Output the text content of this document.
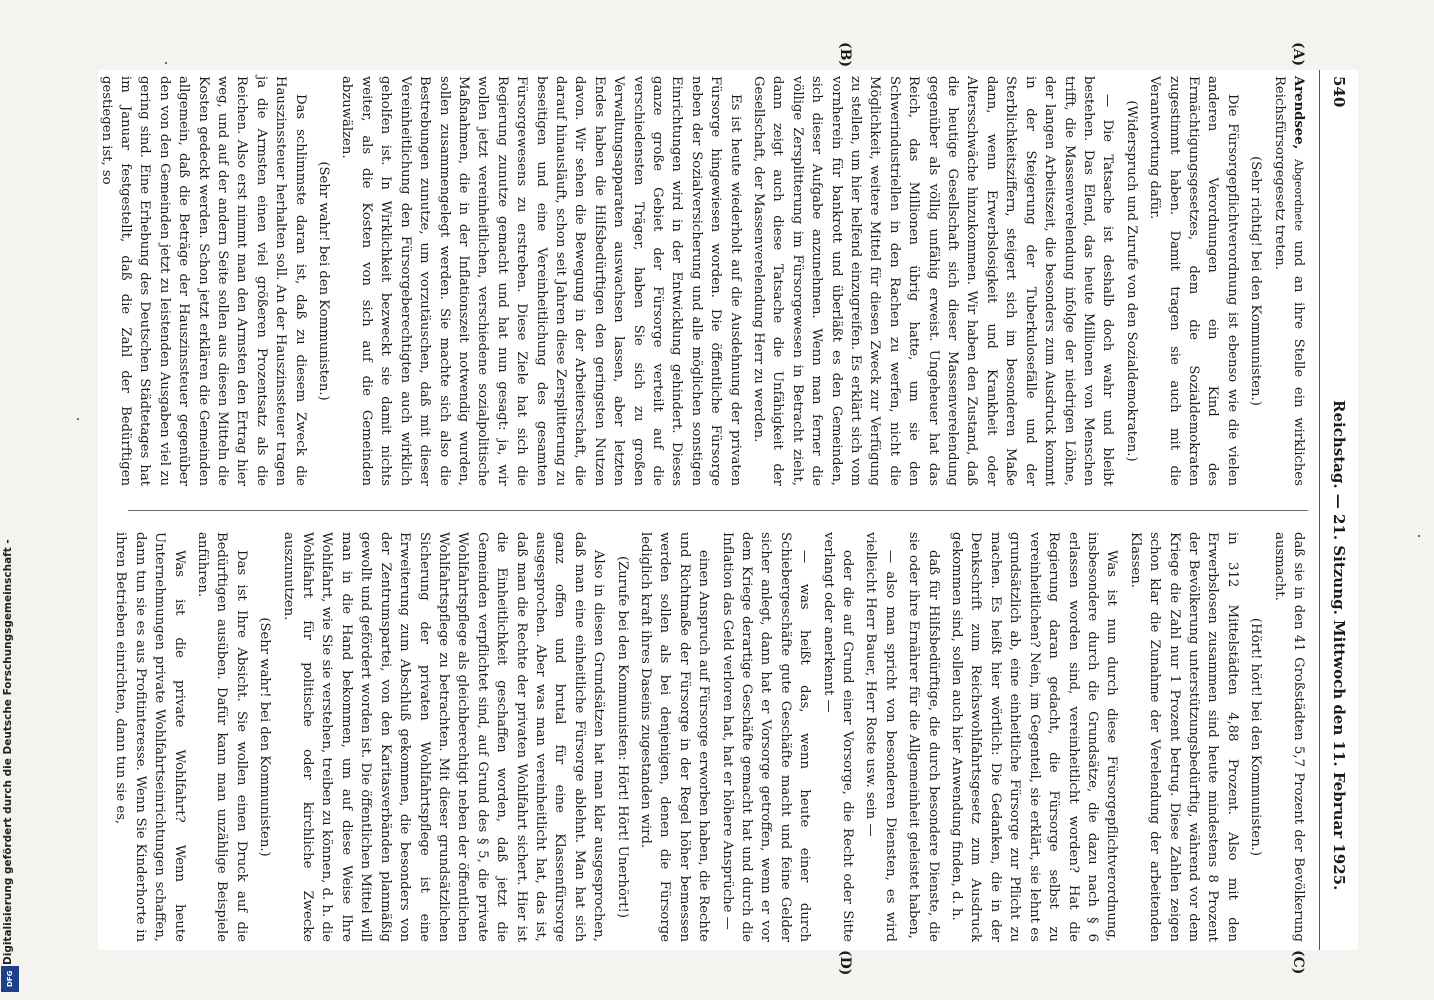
Digitalisierung gefördert durch die Deutsche Forschungsgemeinschaft -
DFG
540
Reichstag. — 21. Sitzung. Mittwoch den 11. Februar 1925.
(A)
(B)
(C)
(D)

Arendsee, Abgeordnete und an ihre Stelle ein wirkliches Reichsfürsorgegesetz treten.

(Sehr richtig! bei den Kommunisten.)

Die Fürsorgepflichtverordnung ist ebenso wie die vielen anderen Verordnungen ein Kind des Ermächtigungsgesetzes, dem die Sozialdemokraten zugestimmt haben. Damit tragen sie auch mit die Verantwortung dafür.

(Widerspruch und Zurufe von den Sozialdemokraten.)

— Die Tatsache ist deshalb doch wahr und bleibt bestehen. Das Elend, das heute Millionen von Menschen trifft, die Massenverelendung infolge der niedrigen Löhne, der langen Arbeitszeit, die besonders zum Ausdruck kommt in der Steigerung der Tuberkulosefälle und der Sterblichkeitsziffern, steigert sich im besonderen Maße dann, wenn Erwerbslosigkeit und Krankheit oder Altersschwäche hinzukommen. Wir haben den Zustand, daß die heutige Gesellschaft sich dieser Massenverelendung gegenüber als völlig unfähig erweist. Ungeheuer hat das Reich, das Millionen übrig hatte, um sie den Schwerindustriellen in den Rachen zu werfen, nicht die Möglichkeit, weitere Mittel für diesen Zweck zur Verfügung zu stellen, um hier helfend einzugreifen. Es erklärt sich vom vornherein für bankrott und überläßt es den Gemeinden, sich dieser Aufgabe anzunehmen. Wenn man ferner die völlige Zersplitterung im Fürsorgewesen in Betracht zieht, dann zeigt auch diese Tatsache die Unfähigkeit der Gesellschaft, der Massenverelendung Herr zu werden.

Es ist heute wiederholt auf die Ausdehnung der privaten Fürsorge hingewiesen worden. Die öffentliche Fürsorge neben der Sozialversicherung und alle möglichen sonstigen Einrichtungen wird in der Entwicklung gehindert. Dieses ganze große Gebiet der Fürsorge verteilt auf die verschiedensten Träger, haben Sie sich zu großen Verwaltungsapparaten auswachsen lassen, aber letzten Endes haben die Hilfsbedürftigen den geringsten Nutzen davon. Wir sehen die Bewegung in der Arbeiterschaft, die darauf hinausläuft, schon seit Jahren diese Zersplitterung zu beseitigen und eine Vereinheitlichung des gesamten Fürsorgewesens zu erstreben. Diese Ziele hat sich die Regierung zunutze gemacht und hat nun gesagt: ja, wir wollen jetzt vereinheitlichen, verschiedene sozialpolitische Maßnahmen, die in der Inflationszeit notwendig wurden, sollen zusammengelegt werden. Sie machte sich also die Bestrebungen zunutze, um vorzutäuschen, daß mit dieser Vereinheitlichung den Fürsorgeberechtigten auch wirklich geholfen ist. In Wirklichkeit bezweckt sie damit nichts weiter, als die Kosten von sich auf die Gemeinden abzuwälzen.

(Sehr wahr! bei den Kommunisten.)

Das schlimmste daran ist, daß zu diesem Zweck die Hauszinssteuer herhalten soll. An der Hauszinssteuer tragen ja die Armsten einen viel größeren Prozentsatz als die Reichen. Also erst nimmt man den Armsten den Ertrag hier weg, und auf der andern Seite sollen aus diesen Mitteln die Kosten gedeckt werden. Schon jetzt erklären die Gemeinden allgemein, daß die Beträge der Hauszinssteuer gegenüber den von den Gemeinden jetzt zu leistenden Ausgaben viel zu gering sind. Eine Erhebung des Deutschen Städtetages hat im Januar festgestellt, daß die Zahl der Bedürftigen gestiegen ist, so

daß sie in den 41 Großstädten 5,7 Prozent der Bevölkerung ausmacht.

(Hört! hört! bei den Kommunisten.)

in 312 Mittelstädten 4,88 Prozent. Also mit den Erwerbslosen zusammen sind heute mindestens 8 Prozent der Bevölkerung unterstützungsbedürftig, während vor dem Kriege die Zahl nur 1 Prozent betrug. Diese Zahlen zeigen schon klar die Zunahme der Verelendung der arbeitenden Klassen.

Was ist nun durch diese Fürsorgepflichtverordnung, insbesondere durch die Grundsätze, die dazu nach § 6 erlassen worden sind, vereinheitlicht worden? Hat die Regierung daran gedacht, die Fürsorge selbst zu vereinheitlichen? Nein, im Gegenteil, sie erklärt, sie lehnt es grundsätzlich ab, eine einheitliche Fürsorge zur Pflicht zu machen. Es heißt hier wörtlich: Die Gedanken, die in der Denkschrift zum Reichswohlfahrtsgesetz zum Ausdruck gekommen sind, sollen auch hier Anwendung finden, d. h.

daß für Hilfsbedürftige, die durch besondere Dienste, die sie oder ihre Ernährer für die Allgemeinheit geleistet haben,

— also man spricht von besonderen Diensten, es wird vielleicht Herr Bauer, Herr Roste usw. sein —

oder die auf Grund einer Vorsorge, die Recht oder Sitte verlangt oder anerkennt —

— was heißt das, wenn heute einer durch Schiebergeschäfte gute Geschäfte macht und feine Gelder sicher anlegt, dann hat er Vorsorge getroffen, wenn er vor dem Kriege derartige Geschäfte gemacht hat und durch die Inflation das Geld verloren hat, hat er höhere Ansprüche —

einen Anspruch auf Fürsorge erworben haben, die Rechte und Richtmaße der Fürsorge in der Regel höher bemessen werden sollen als bei denjenigen, denen die Fürsorge lediglich kraft ihres Daseins zugestanden wird.

(Zurufe bei den Kommunisten: Hört! Hört! Unerhört!)

Also in diesen Grundsätzen hat man klar ausgesprochen, daß man eine einheitliche Fürsorge ablehnt. Man hat sich ganz offen und brutal für eine Klassenfürsorge ausgesprochen. Aber was man vereinheitlicht hat, das ist, daß man die Rechte der privaten Wohlfahrt sichert. Hier ist die Einheitlichkeit geschaffen worden, daß jetzt die Gemeinden verpflichtet sind, auf Grund des § 5, die private Wohlfahrtspflege als gleichberechtigt neben der öffentlichen Wohlfahrtspflege zu betrachten. Mit dieser grundsätzlichen Sicherung der privaten Wohlfahrtspflege ist eine Erweiterung zum Abschluß gekommen, die besonders von der Zentrumspartei, von den Karitasverbänden planmäßig gewollt und gefördert worden ist. Die öffentlichen Mittel will man in die Hand bekommen, um auf diese Weise Ihre Wohlfahrt, wie Sie sie verstehen, treiben zu können, d. h. die Wohlfahrt für politische oder kirchliche Zwecke auszunutzen.

(Sehr wahr! bei den Kommunisten.)

Das ist Ihre Absicht. Sie wollen einen Druck auf die Bedürftigen ausüben. Dafür kann man unzählige Beispiele anführen.

Was ist die private Wohlfahrt? Wenn heute Unternehmungen private Wohlfahrtseinrichtungen schaffen, dann tun sie es aus Profitinteresse. Wenn Sie Kinderhorte in ihren Betrieben einrichten, dann tun sie es,
